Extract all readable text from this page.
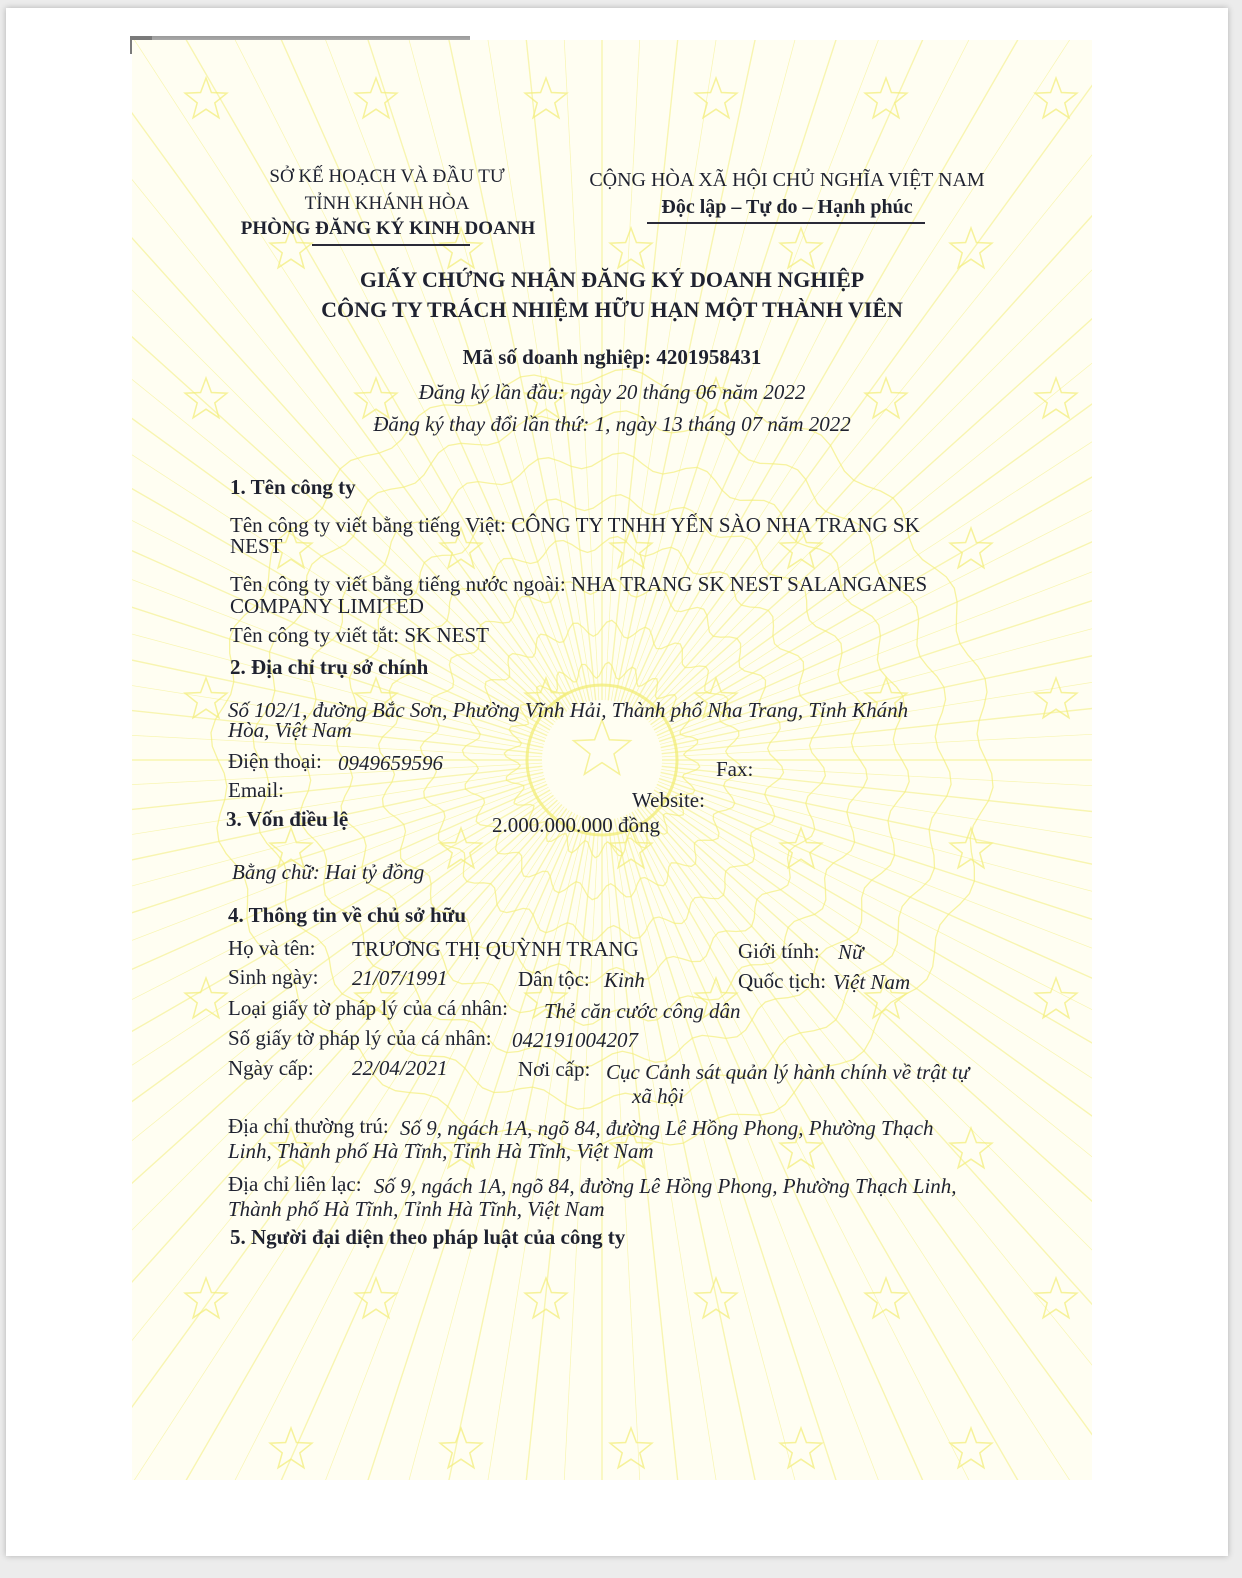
SỞ KẾ HOẠCH VÀ ĐẦU TƯ
TỈNH KHÁNH HÒA
PHÒNG ĐĂNG KÝ KINH DOANH
CỘNG HÒA XÃ HỘI CHỦ NGHĨA VIỆT NAM
Độc lập – Tự do – Hạnh phúc
GIẤY CHỨNG NHẬN ĐĂNG KÝ DOANH NGHIỆP
CÔNG TY TRÁCH NHIỆM HỮU HẠN MỘT THÀNH VIÊN
Mã số doanh nghiệp: 4201958431
Đăng ký lần đầu: ngày 20 tháng 06 năm 2022
Đăng ký thay đổi lần thứ: 1, ngày 13 tháng 07 năm 2022
1. Tên công ty
Tên công ty viết bằng tiếng Việt: CÔNG TY TNHH YẾN SÀO NHA TRANG SK
NEST
Tên công ty viết bằng tiếng nước ngoài: NHA TRANG SK NEST SALANGANES
COMPANY LIMITED
Tên công ty viết tắt: SK NEST
2. Địa chỉ trụ sở chính
Số 102/1, đường Bắc Sơn, Phường Vĩnh Hải, Thành phố Nha Trang, Tỉnh Khánh
Hòa, Việt Nam
Điện thoại: 0949659596	Fax:
Email:	Website:
3. Vốn điều lệ	2.000.000.000 đồng
Bằng chữ: Hai tỷ đồng
4. Thông tin về chủ sở hữu
Họ và tên: TRƯƠNG THỊ QUỲNH TRANG	Giới tính: Nữ
Sinh ngày: 21/07/1991	Dân tộc: Kinh	Quốc tịch: Việt Nam
Loại giấy tờ pháp lý của cá nhân: Thẻ căn cước công dân
Số giấy tờ pháp lý của cá nhân: 042191004207
Ngày cấp: 22/04/2021	Nơi cấp: Cục Cảnh sát quản lý hành chính về trật tự
xã hội
Địa chỉ thường trú: Số 9, ngách 1A, ngõ 84, đường Lê Hồng Phong, Phường Thạch
Linh, Thành phố Hà Tĩnh, Tỉnh Hà Tĩnh, Việt Nam
Địa chỉ liên lạc: Số 9, ngách 1A, ngõ 84, đường Lê Hồng Phong, Phường Thạch Linh,
Thành phố Hà Tĩnh, Tỉnh Hà Tĩnh, Việt Nam
5. Người đại diện theo pháp luật của công ty
